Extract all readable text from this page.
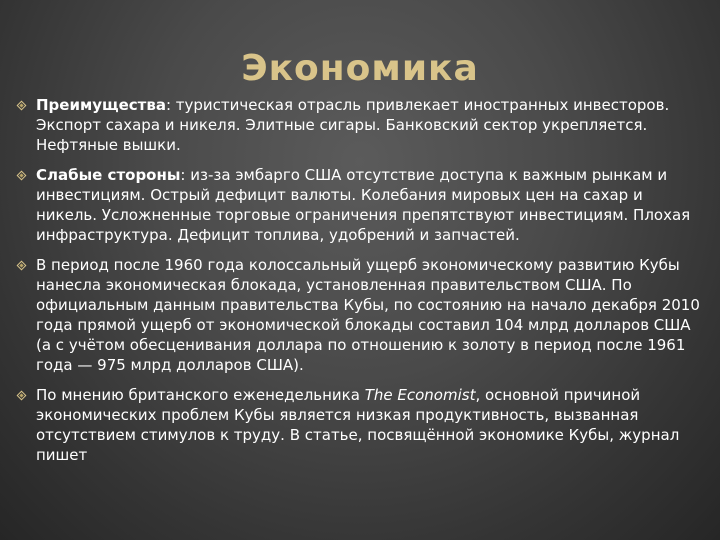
Экономика
Преимущества: туристическая отрасль привлекает иностранных инвесторов. Экспорт сахара и никеля. Элитные сигары. Банковский сектор укрепляется. Нефтяные вышки.
Слабые стороны: из-за эмбарго США отсутствие доступа к важным рынкам и инвестициям. Острый дефицит валюты. Колебания мировых цен на сахар и никель. Усложненные торговые ограничения препятствуют инвестициям. Плохая инфраструктура. Дефицит топлива, удобрений и запчастей.
В период после 1960 года колоссальный ущерб экономическому развитию Кубы нанесла экономическая блокада, установленная правительством США. По официальным данным правительства Кубы, по состоянию на начало декабря 2010 года прямой ущерб от экономической блокады составил 104 млрд долларов США (а с учётом обесценивания доллара по отношению к золоту в период после 1961 года — 975 млрд долларов США).
По мнению британского еженедельника The Economist, основной причиной экономических проблем Кубы является низкая продуктивность, вызванная отсутствием стимулов к труду. В статье, посвящённой экономике Кубы, журнал пишет
